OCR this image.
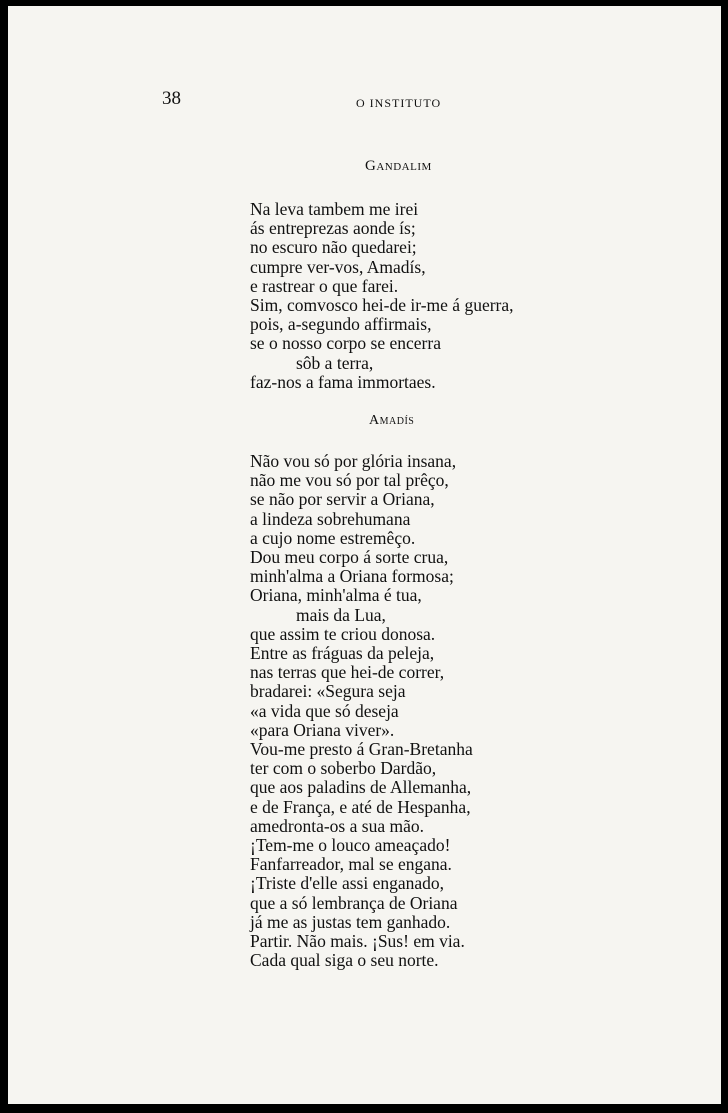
38	O INSTITUTO
Gandalim
Na leva tambem me irei
ás entreprezas aonde ís;
no escuro não quedarei;
cumpre ver-vos, Amadís,
e rastrear o que farei.
Sim, comvosco hei-de ir-me á guerra,
pois, a-segundo affirmais,
se o nosso corpo se encerra
sôb a terra,
faz-nos a fama immortaes.
Amadís
Não vou só por glória insana,
não me vou só por tal prêço,
se não por servir a Oriana,
a lindeza sobrehumana
a cujo nome estremêço.
Dou meu corpo á sorte crua,
minh'alma a Oriana formosa;
Oriana, minh'alma é tua,
mais da Lua,
que assim te criou donosa.
Entre as fráguas da peleja,
nas terras que hei-de correr,
bradarei: «Segura seja
«a vida que só deseja
«para Oriana viver».
Vou-me presto á Gran-Bretanha
ter com o soberbo Dardão,
que aos paladins de Allemanha,
e de França, e até de Hespanha,
amedronta-os a sua mão.
¡Tem-me o louco ameaçado!
Fanfarreador, mal se engana.
¡Triste d'elle assi enganado,
que a só lembrança de Oriana
já me as justas tem ganhado.
Partir. Não mais. ¡Sus! em via.
Cada qual siga o seu norte.
